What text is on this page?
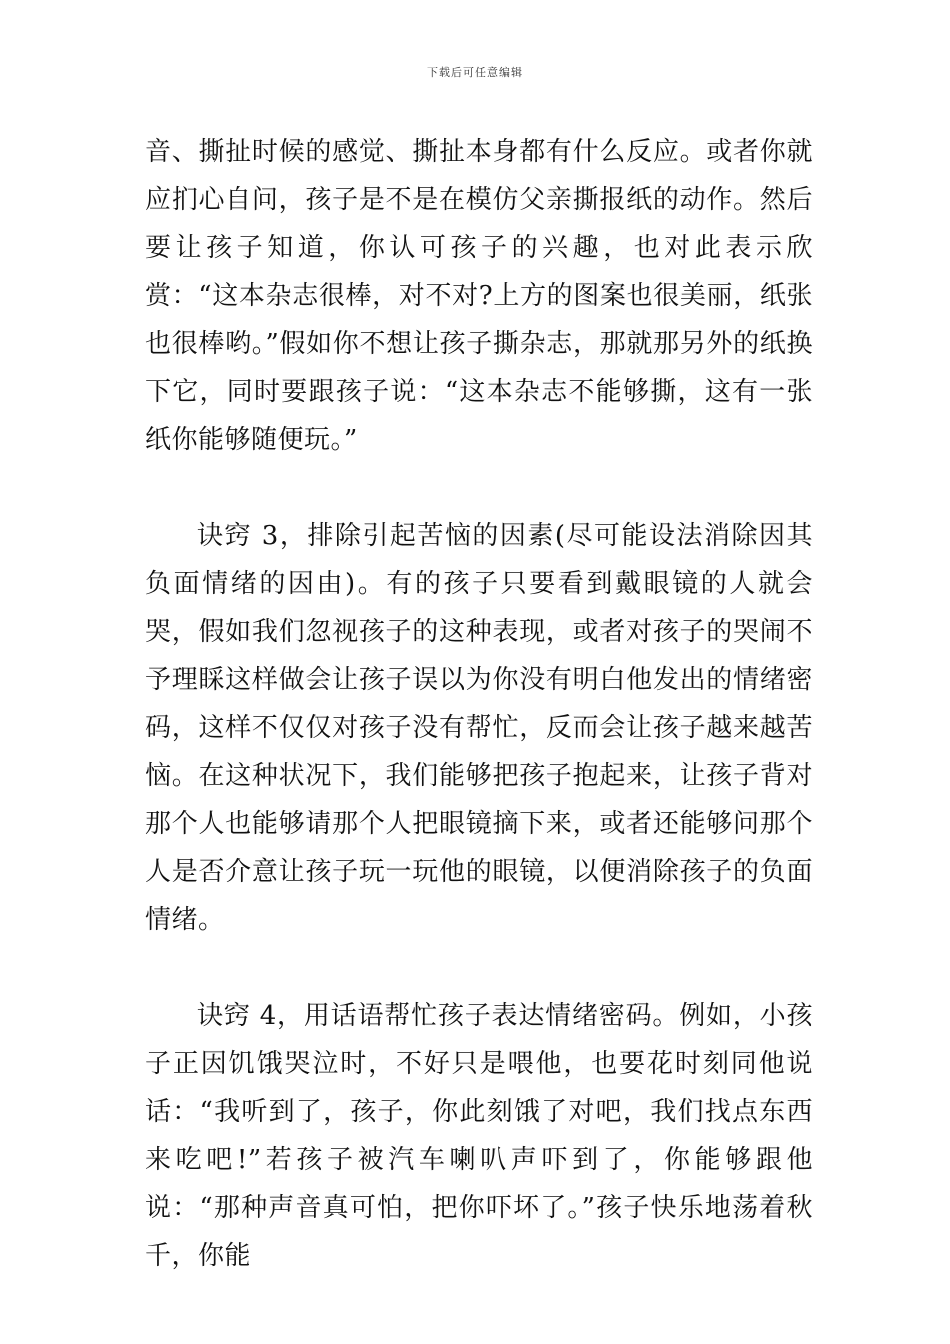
下载后可任意编辑

音、撕扯时候的感觉、撕扯本身都有什么反应。或者你就应扪心自问，孩子是不是在模仿父亲撕报纸的动作。然后要让孩子知道，你认可孩子的兴趣，也对此表示欣赏：“这本杂志很棒，对不对?上方的图案也很美丽，纸张也很棒哟。”假如你不想让孩子撕杂志，那就那另外的纸换下它，同时要跟孩子说：“这本杂志不能够撕，这有一张纸你能够随便玩。”

诀窍 3，排除引起苦恼的因素(尽可能设法消除因其负面情绪的因由)。有的孩子只要看到戴眼镜的人就会哭，假如我们忽视孩子的这种表现，或者对孩子的哭闹不予理睬这样做会让孩子误以为你没有明白他发出的情绪密码，这样不仅仅对孩子没有帮忙，反而会让孩子越来越苦恼。在这种状况下，我们能够把孩子抱起来，让孩子背对那个人也能够请那个人把眼镜摘下来，或者还能够问那个人是否介意让孩子玩一玩他的眼镜，以便消除孩子的负面情绪。

诀窍 4，用话语帮忙孩子表达情绪密码。例如，小孩子正因饥饿哭泣时，不好只是喂他，也要花时刻同他说话：“我听到了，孩子，你此刻饿了对吧，我们找点东西来吃吧!”若孩子被汽车喇叭声吓到了，你能够跟他说：“那种声音真可怕，把你吓坏了。”孩子快乐地荡着秋千，你能
